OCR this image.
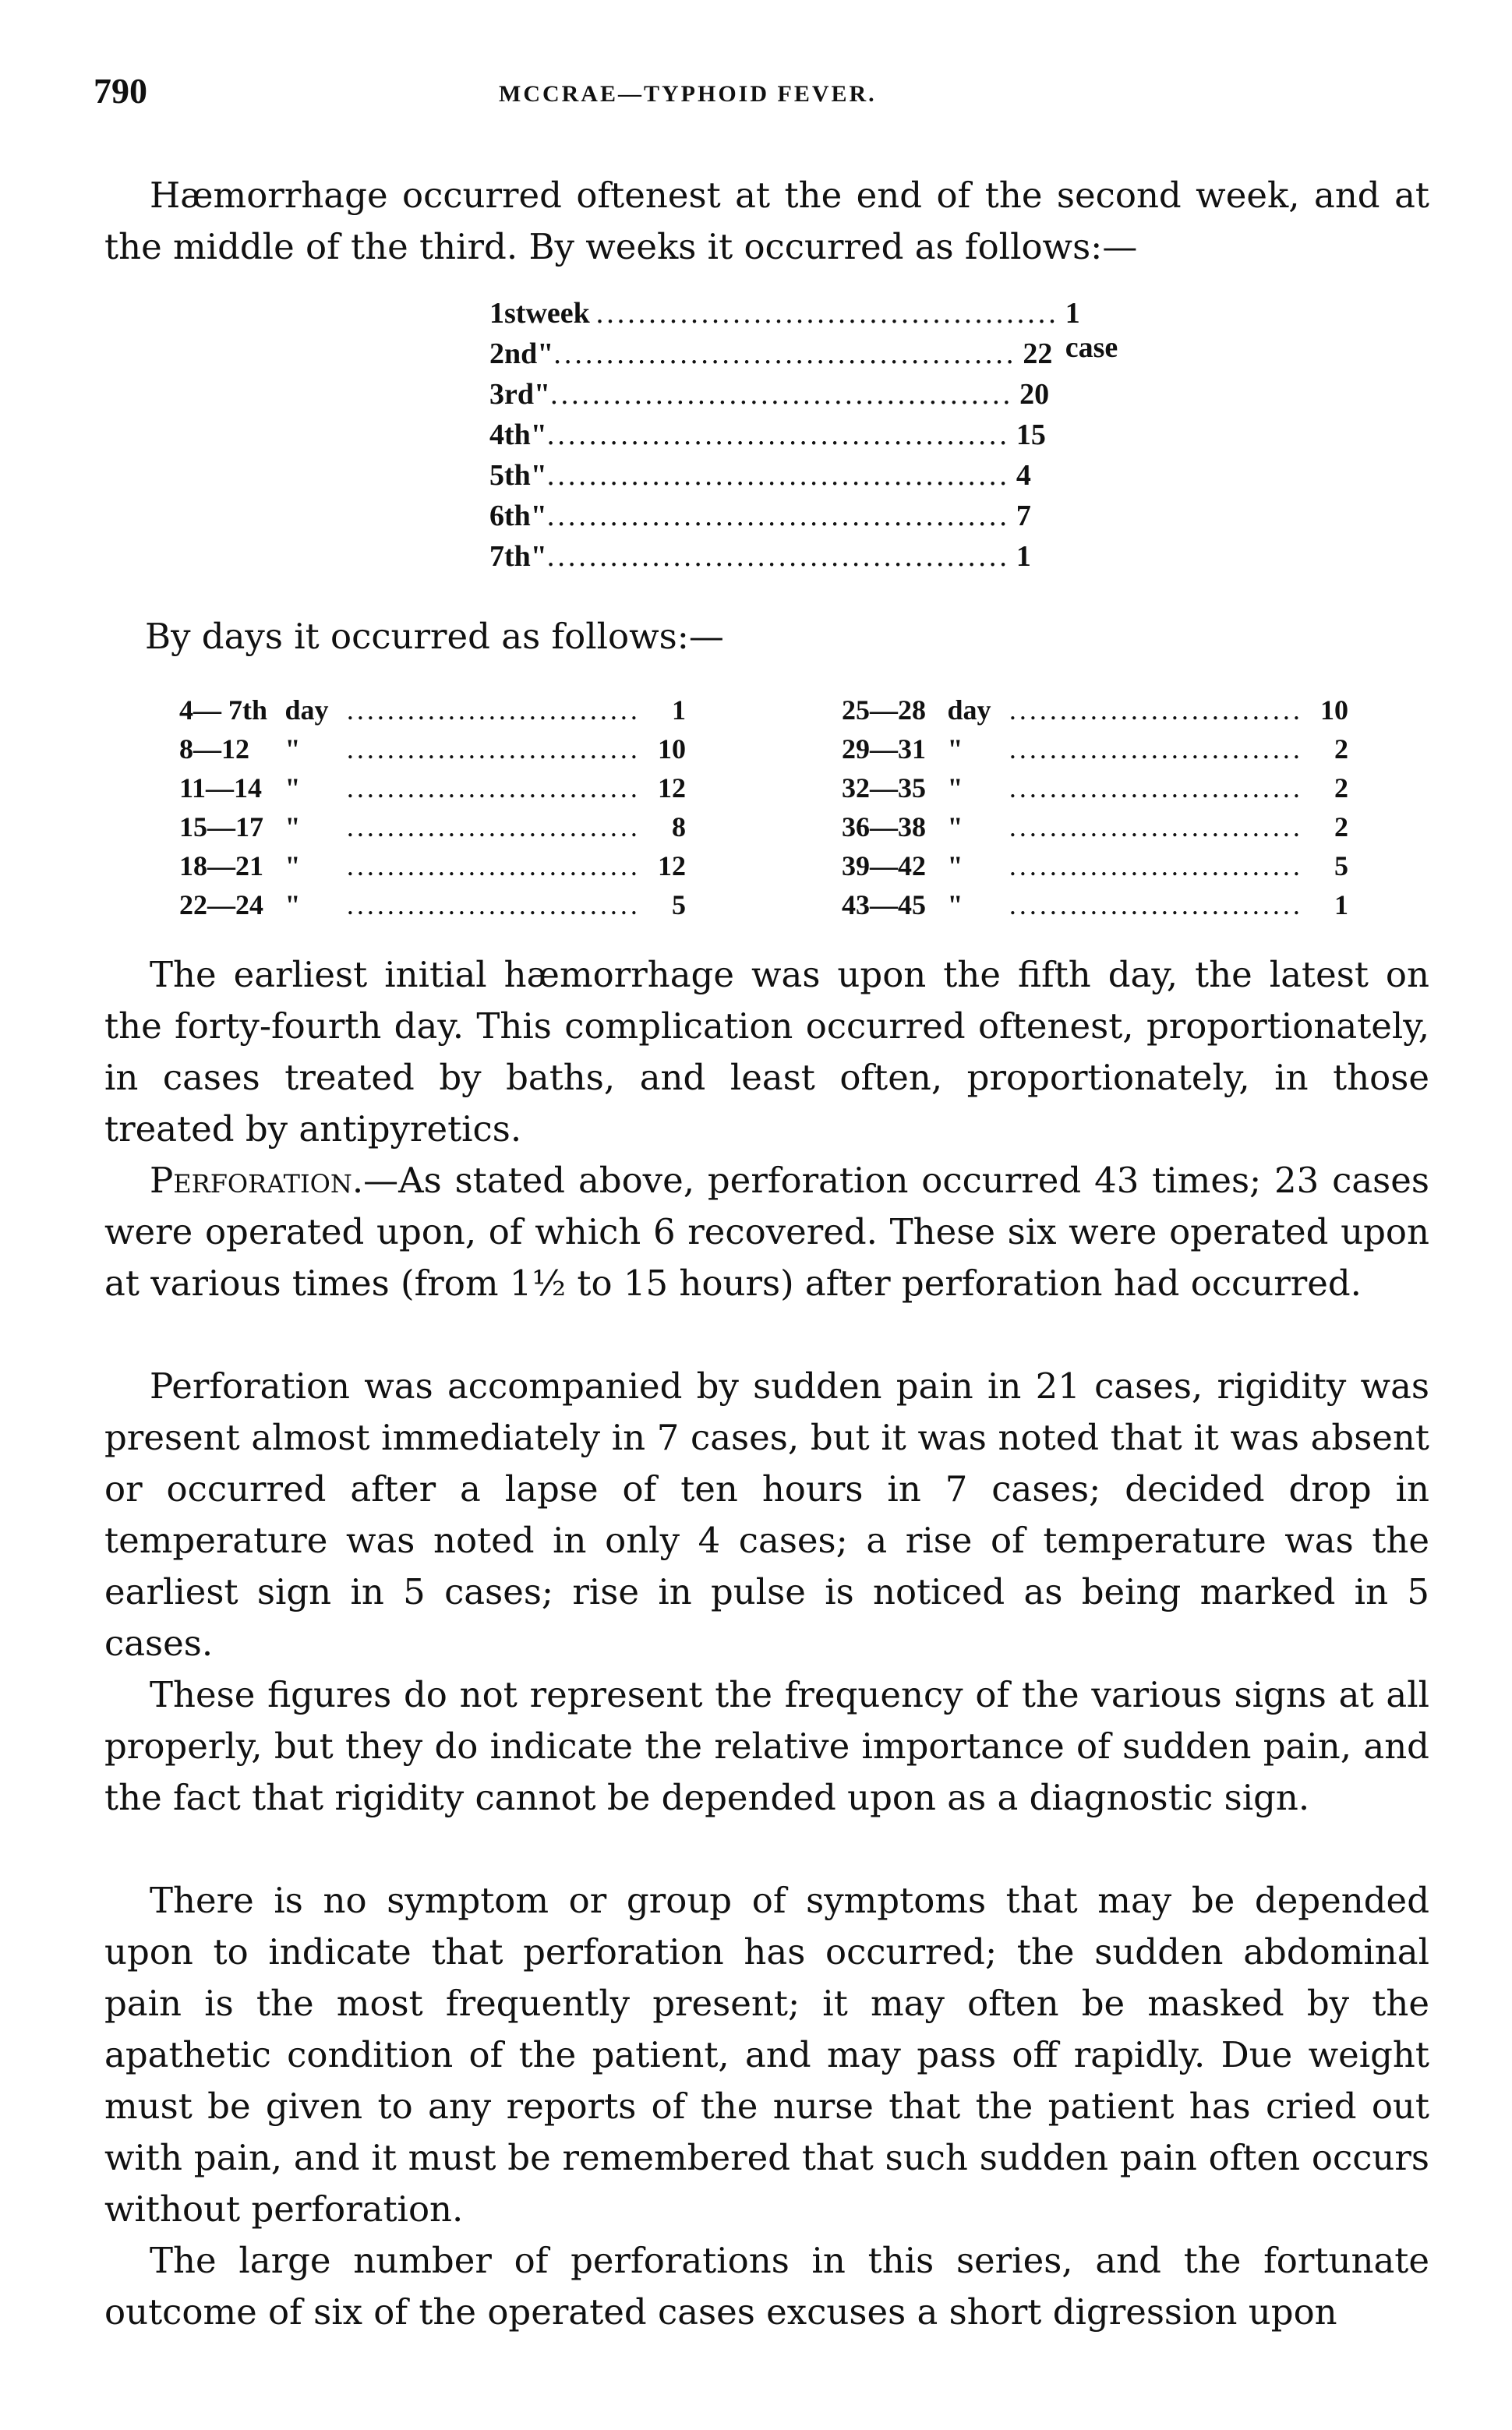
790	MCCRAE—TYPHOID FEVER.

Hæmorrhage occurred oftenest at the end of the second week, and at the middle of the third. By weeks it occurred as follows:—

1st week ............................................ 1 case
2nd " ............................................ 22
3rd " ............................................ 20
4th " ............................................ 15
5th " ............................................ 4
6th " ............................................ 7
7th " ............................................ 1

By days it occurred as follows:—

4— 7th day .............................	1
8—12	"	............................. 10
11—14 "	............................. 12
15—17 "	.............................	8
18—21 "	............................. 12
22—24 "	.............................	5
25—28 day ............................. 10
29—31 "	.............................	2
32—35 "	.............................	2
36—38 "	.............................	2
39—42 "	.............................	5
43—45 "	.............................	1

The earliest initial hæmorrhage was upon the fifth day, the latest on the forty-fourth day. This complication occurred oftenest, proportionately, in cases treated by baths, and least often, proportionately, in those treated by antipyretics.

Perforation.—As stated above, perforation occurred 43 times; 23 cases were operated upon, of which 6 recovered. These six were operated upon at various times (from 1½ to 15 hours) after perforation had occurred.

Perforation was accompanied by sudden pain in 21 cases, rigidity was present almost immediately in 7 cases, but it was noted that it was absent or occurred after a lapse of ten hours in 7 cases; decided drop in temperature was noted in only 4 cases; a rise of temperature was the earliest sign in 5 cases; rise in pulse is noticed as being marked in 5 cases.

These figures do not represent the frequency of the various signs at all properly, but they do indicate the relative importance of sudden pain, and the fact that rigidity cannot be depended upon as a diagnostic sign.

There is no symptom or group of symptoms that may be depended upon to indicate that perforation has occurred; the sudden abdominal pain is the most frequently present; it may often be masked by the apathetic condition of the patient, and may pass off rapidly. Due weight must be given to any reports of the nurse that the patient has cried out with pain, and it must be remembered that such sudden pain often occurs without perforation.

The large number of perforations in this series, and the fortunate outcome of six of the operated cases excuses a short digression upon
